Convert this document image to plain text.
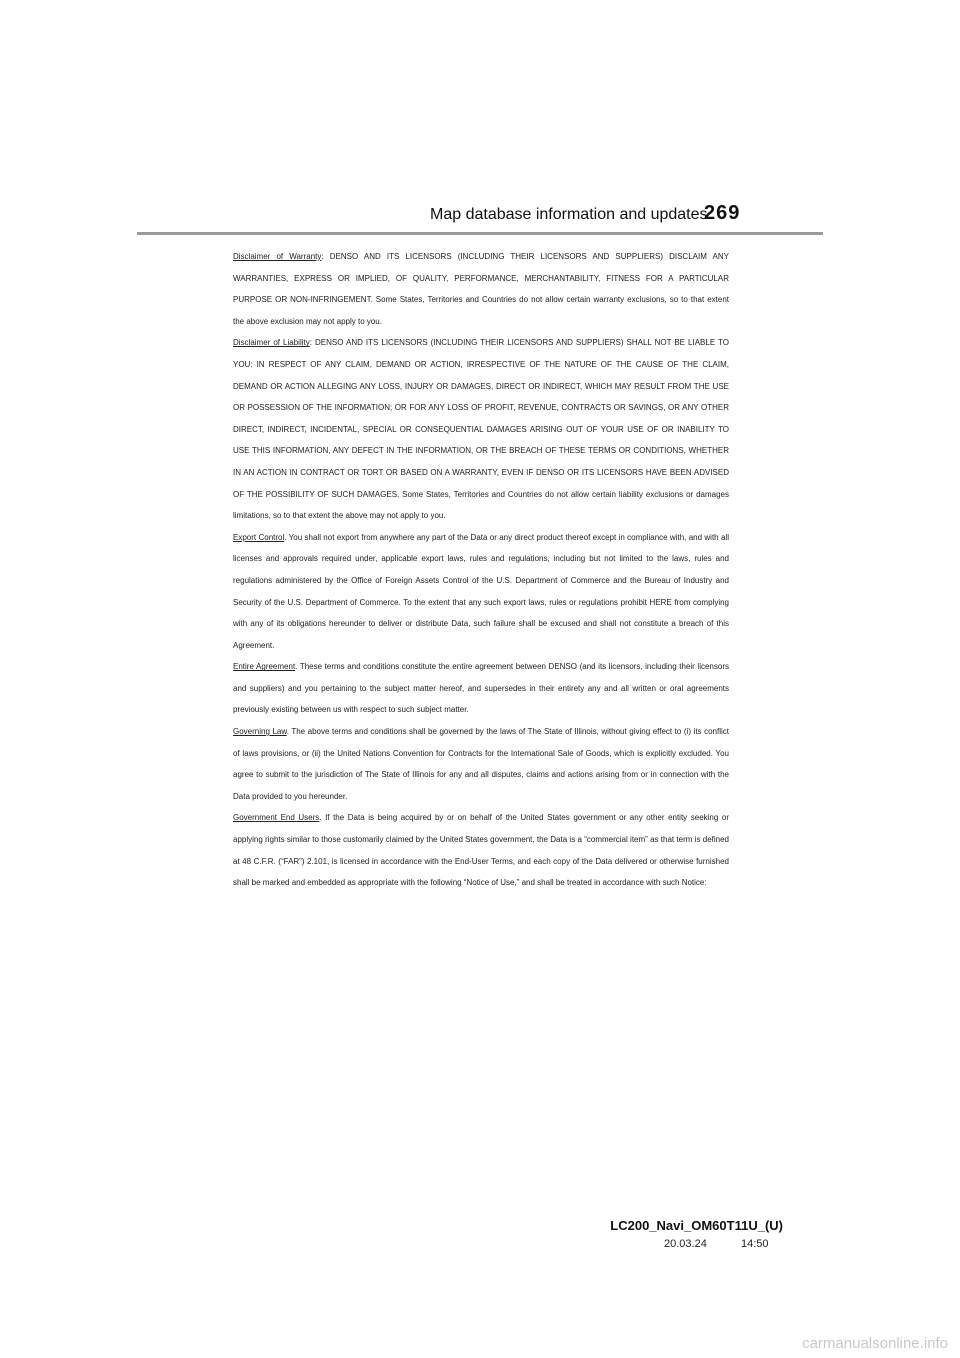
Map database information and updates
269

Disclaimer of Warranty: DENSO AND ITS LICENSORS (INCLUDING THEIR LICENSORS AND SUPPLIERS) DISCLAIM ANY WARRANTIES, EXPRESS OR IMPLIED, OF QUALITY, PERFORMANCE, MERCHANTABILITY, FITNESS FOR A PARTICULAR PURPOSE OR NON-INFRINGEMENT. Some States, Territories and Countries do not allow certain warranty exclusions, so to that extent the above exclusion may not apply to you.

Disclaimer of Liability: DENSO AND ITS LICENSORS (INCLUDING THEIR LICENSORS AND SUPPLIERS) SHALL NOT BE LIABLE TO YOU: IN RESPECT OF ANY CLAIM, DEMAND OR ACTION, IRRESPECTIVE OF THE NATURE OF THE CAUSE OF THE CLAIM, DEMAND OR ACTION ALLEGING ANY LOSS, INJURY OR DAMAGES, DIRECT OR INDIRECT, WHICH MAY RESULT FROM THE USE OR POSSESSION OF THE INFORMATION; OR FOR ANY LOSS OF PROFIT, REVENUE, CONTRACTS OR SAVINGS, OR ANY OTHER DIRECT, INDIRECT, INCIDENTAL, SPECIAL OR CONSEQUENTIAL DAMAGES ARISING OUT OF YOUR USE OF OR INABILITY TO USE THIS INFORMATION, ANY DEFECT IN THE INFORMATION, OR THE BREACH OF THESE TERMS OR CONDITIONS, WHETHER IN AN ACTION IN CONTRACT OR TORT OR BASED ON A WARRANTY, EVEN IF DENSO OR ITS LICENSORS HAVE BEEN ADVISED OF THE POSSIBILITY OF SUCH DAMAGES. Some States, Territories and Countries do not allow certain liability exclusions or damages limitations, so to that extent the above may not apply to you.

Export Control. You shall not export from anywhere any part of the Data or any direct product thereof except in compliance with, and with all licenses and approvals required under, applicable export laws, rules and regulations, including but not limited to the laws, rules and regulations administered by the Office of Foreign Assets Control of the U.S. Department of Commerce and the Bureau of Industry and Security of the U.S. Department of Commerce. To the extent that any such export laws, rules or regulations prohibit HERE from complying with any of its obligations hereunder to deliver or distribute Data, such failure shall be excused and shall not constitute a breach of this Agreement.

Entire Agreement. These terms and conditions constitute the entire agreement between DENSO (and its licensors, including their licensors and suppliers) and you pertaining to the subject matter hereof, and supersedes in their entirety any and all written or oral agreements previously existing between us with respect to such subject matter.

Governing Law. The above terms and conditions shall be governed by the laws of The State of Illinois, without giving effect to (i) its conflict of laws provisions, or (ii) the United Nations Convention for Contracts for the International Sale of Goods, which is explicitly excluded. You agree to submit to the jurisdiction of The State of Illinois for any and all disputes, claims and actions arising from or in connection with the Data provided to you hereunder.

Government End Users. If the Data is being acquired by or on behalf of the United States government or any other entity seeking or applying rights similar to those customarily claimed by the United States government, the Data is a “commercial item” as that term is defined at 48 C.F.R. (“FAR”) 2.101, is licensed in accordance with the End-User Terms, and each copy of the Data delivered or otherwise furnished shall be marked and embedded as appropriate with the following “Notice of Use,” and shall be treated in accordance with such Notice:

LC200_Navi_OM60T11U_(U)
20.03.24	14:50
carmanualsonline.info
